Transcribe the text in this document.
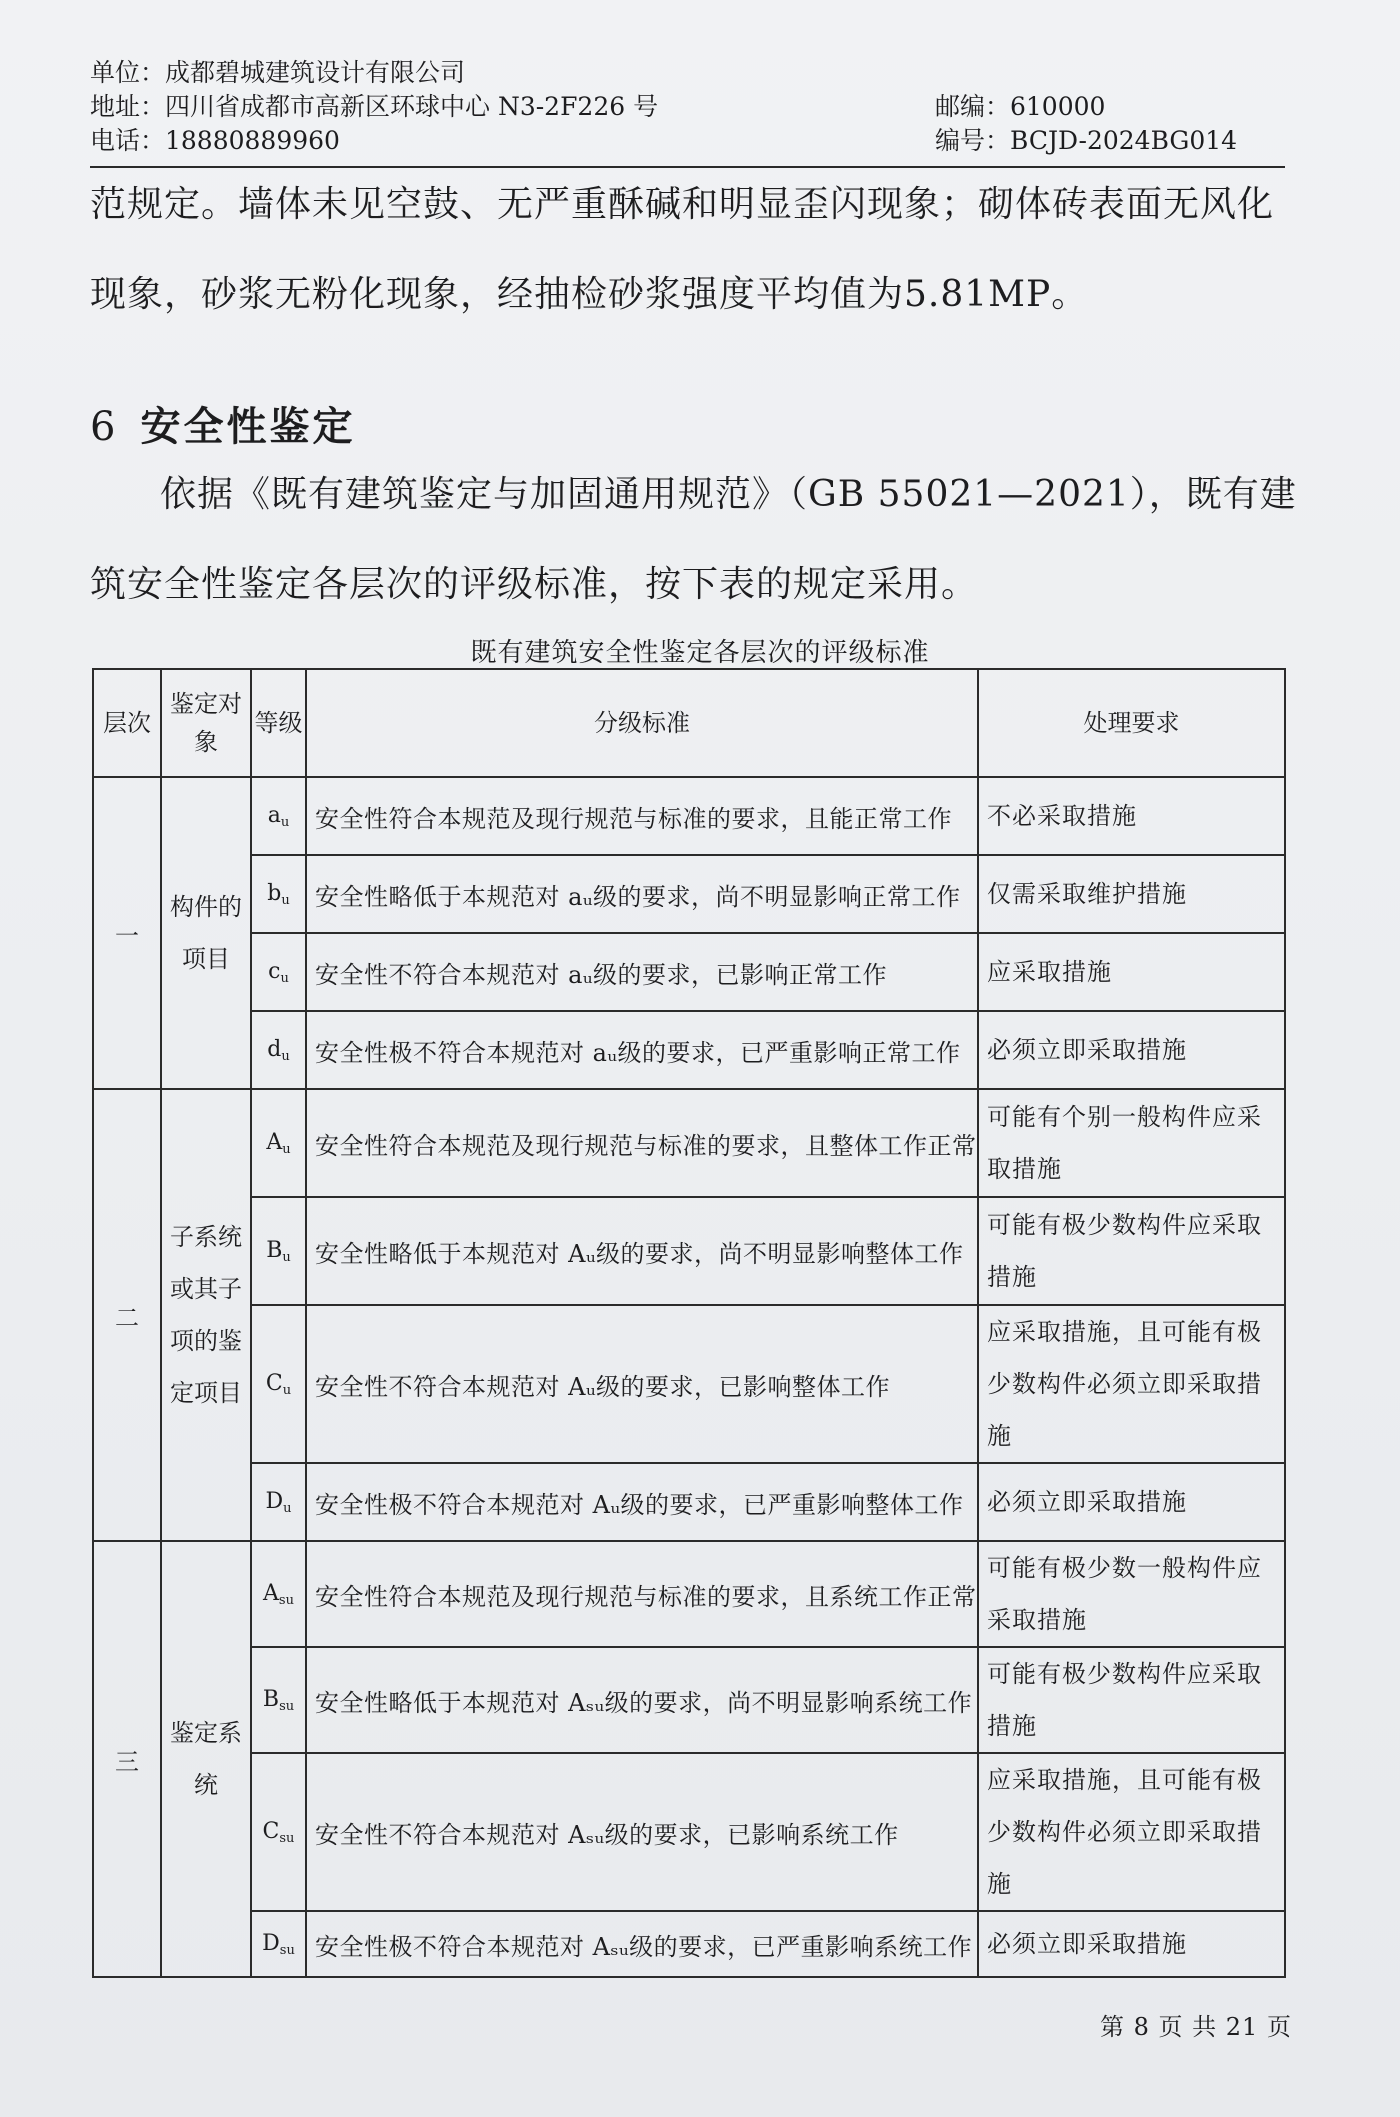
单位：成都碧城建筑设计有限公司
地址：四川省成都市高新区环球中心 N3-2F226 号
电话：18880889960
邮编：610000
编号：BCJD-2024BG014
范规定。墙体未见空鼓、无严重酥碱和明显歪闪现象；砌体砖表面无风化
现象，砂浆无粉化现象，经抽检砂浆强度平均值为5.81MP。
6 安全性鉴定
依据《既有建筑鉴定与加固通用规范》（GB 55021—2021），既有建
筑安全性鉴定各层次的评级标准，按下表的规定采用。
既有建筑安全性鉴定各层次的评级标准
层次	鉴定对象	等级	分级标准	处理要求
一	构件的项目	$a_u$	安全性符合本规范及现行规范与标准的要求，且能正常工作	不必采取措施
		$b_u$	安全性略低于本规范对 aᵤ级的要求，尚不明显影响正常工作	仅需采取维护措施
		$c_u$	安全性不符合本规范对 aᵤ级的要求，已影响正常工作	应采取措施
		$d_u$	安全性极不符合本规范对 aᵤ级的要求，已严重影响正常工作	必须立即采取措施
二	子系统或其子项的鉴定项目	$A_u$	安全性符合本规范及现行规范与标准的要求，且整体工作正常	可能有个别一般构件应采取措施
		$B_u$	安全性略低于本规范对 Aᵤ级的要求，尚不明显影响整体工作	可能有极少数构件应采取措施
		$C_u$	安全性不符合本规范对 Aᵤ级的要求，已影响整体工作	应采取措施，且可能有极少数构件必须立即采取措施
		$D_u$	安全性极不符合本规范对 Aᵤ级的要求，已严重影响整体工作	必须立即采取措施
三	鉴定系统	$A_{su}$	安全性符合本规范及现行规范与标准的要求，且系统工作正常	可能有极少数一般构件应采取措施
		$B_{su}$	安全性略低于本规范对 Aₛᵤ级的要求，尚不明显影响系统工作	可能有极少数构件应采取措施
		$C_{su}$	安全性不符合本规范对 Aₛᵤ级的要求，已影响系统工作	应采取措施，且可能有极少数构件必须立即采取措施
		$D_{su}$	安全性极不符合本规范对 Aₛᵤ级的要求，已严重影响系统工作	必须立即采取措施
第 8 页 共 21 页
